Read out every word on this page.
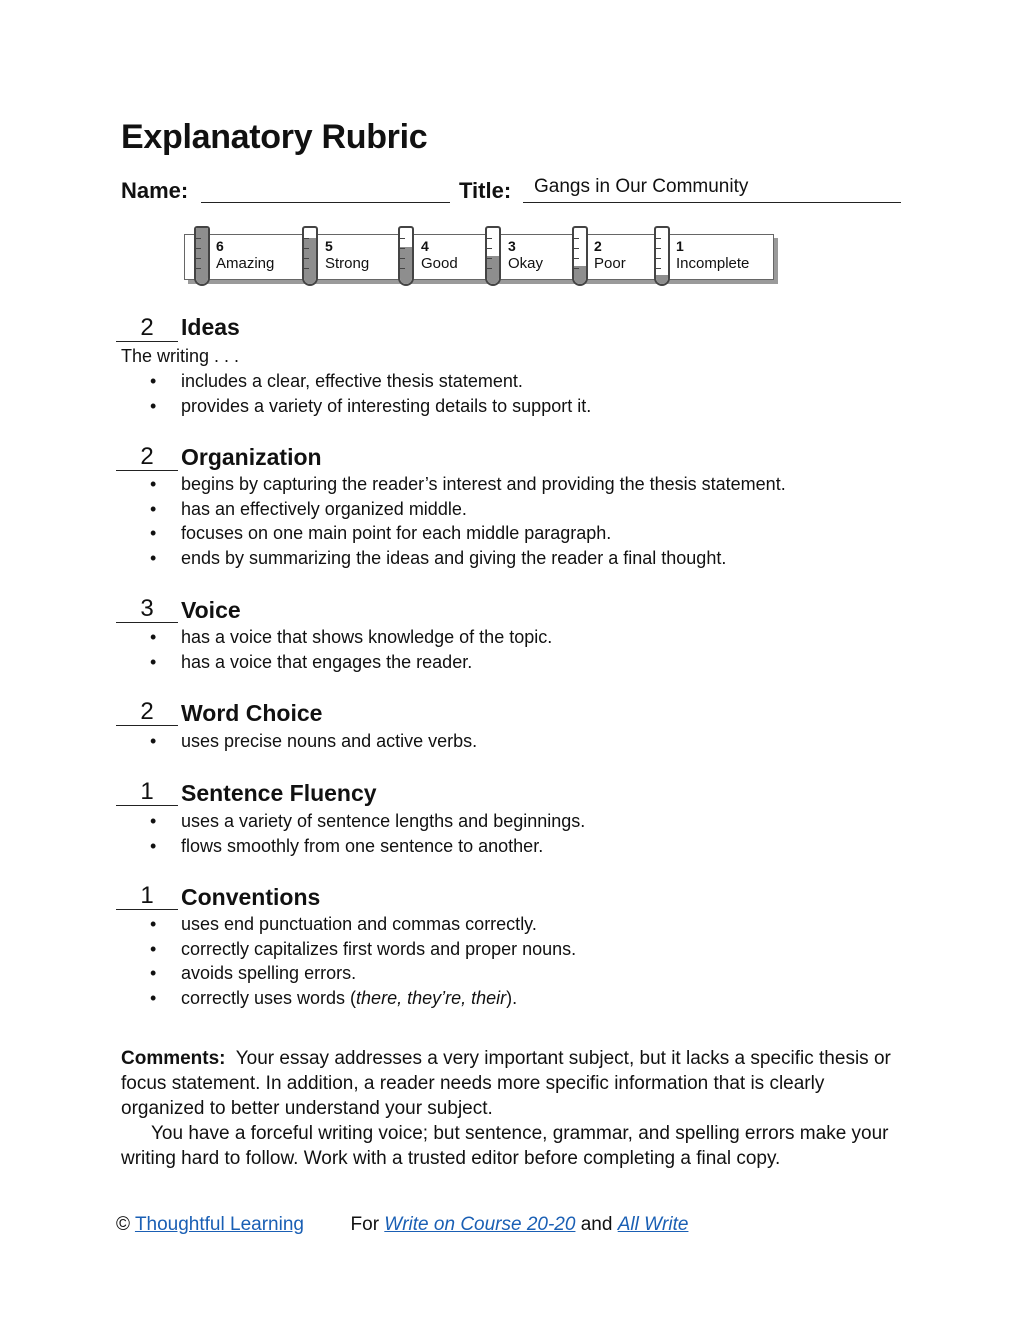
Explanatory Rubric
Name:	Title: Gangs in Our Community
6
Amazing
5
Strong
4
Good
3
Okay
2
Poor
1
Incomplete
2	Ideas
The writing . . .
• includes a clear, effective thesis statement.
• provides a variety of interesting details to support it.
2	Organization
• begins by capturing the reader’s interest and providing the thesis statement.
• has an effectively organized middle.
• focuses on one main point for each middle paragraph.
• ends by summarizing the ideas and giving the reader a final thought.
3	Voice
• has a voice that shows knowledge of the topic.
• has a voice that engages the reader.
2	Word Choice
• uses precise nouns and active verbs.
1	Sentence Fluency
• uses a variety of sentence lengths and beginnings.
• flows smoothly from one sentence to another.
1	Conventions
• uses end punctuation and commas correctly.
• correctly capitalizes first words and proper nouns.
• avoids spelling errors.
• correctly uses words (there, they’re, their).
Comments: Your essay addresses a very important subject, but it lacks a specific thesis or focus statement. In addition, a reader needs more specific information that is clearly organized to better understand your subject.
You have a forceful writing voice; but sentence, grammar, and spelling errors make your writing hard to follow. Work with a trusted editor before completing a final copy.
© Thoughtful Learning For Write on Course 20-20 and All Write
